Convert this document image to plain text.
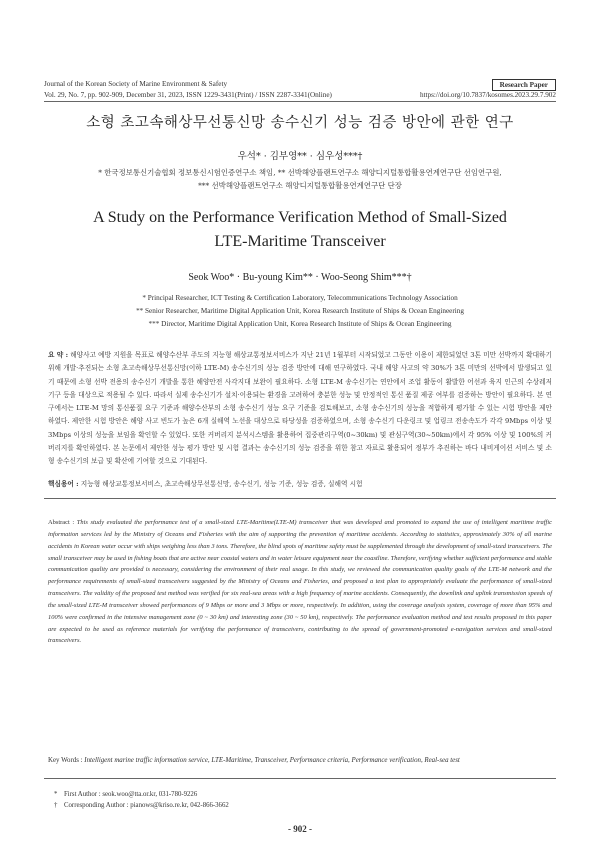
Journal of the Korean Society of Marine Environment & Safety	Research Paper
Vol. 29, No. 7, pp. 902-909, December 31, 2023, ISSN 1229-3431(Print) / ISSN 2287-3341(Online)	https://doi.org/10.7837/kosomes.2023.29.7.902
소형 초고속해상무선통신망 송수신기 성능 검증 방안에 관한 연구
우석* · 김부영** · 심우성***†
* 한국정보통신기술협회 정보통신시험인증연구소 책임, ** 선박해양플랜트연구소 해양디지털통합활용연계연구단 선임연구원,
*** 선박해양플랜트연구소 해양디지털통합활용연계연구단 단장
A Study on the Performance Verification Method of Small-Sized
LTE-Maritime Transceiver
Seok Woo* · Bu-young Kim** · Woo-Seong Shim***†
* Principal Researcher, ICT Testing & Certification Laboratory, Telecommunications Technology Association
** Senior Researcher, Maritime Digital Application Unit, Korea Research Institute of Ships & Ocean Engineering
*** Director, Maritime Digital Application Unit, Korea Research Institute of Ships & Ocean Engineering
요 약 : 해양사고 예방 지원을 목표로 해양수산부 주도의 지능형 해상교통정보서비스가 지난 21년 1월부터 시작되었고 그동안 이용이 제한되었던 3톤 미만 선박까지 확대하기 위해 개발·추진되는 소형 초고속해상무선통신망(이하 LTE-M) 송수신기의 성능 검증 방안에 대해 연구하였다. 국내 해양 사고의 약 30%가 3톤 미만의 선박에서 발생되고 있기 때문에 소형 선박 전용의 송수신기 개발을 통한 해양안전 사각지대 보완이 필요하다. 소형 LTE-M 송수신기는 연안에서 조업 활동이 활발한 어선과 육지 인근의 수상레저기구 등을 대상으로 적용될 수 있다. 따라서 실제 송수신기가 설치·이용되는 환경을 고려하여 충분한 성능 및 안정적인 통신 품질 제공 여부를 검증하는 방안이 필요하다. 본 연구에서는 LTE-M 망의 통신품질 요구 기준과 해양수산부의 소형 송수신기 성능 요구 기준을 검토해보고, 소형 송수신기의 성능을 적합하게 평가할 수 있는 시험 방안을 제안하였다. 제안한 시험 방안은 해양 사고 빈도가 높은 6개 실해역 노선을 대상으로 타당성을 검증하였으며, 소형 송수신기 다운링크 및 업링크 전송속도가 각각 9Mbps 이상 및 3Mbps 이상의 성능을 보임을 확인할 수 있었다. 또한 커버리지 분석시스템을 활용하여 집중관리구역(0~30km) 및 관심구역(30~50km)에서 각 95% 이상 및 100%의 커버리지를 확인하였다. 본 논문에서 제안한 성능 평가 방안 및 시험 결과는 송수신기의 성능 검증을 위한 참고 자료로 활용되어 정부가 추진하는 바다 내비게이션 서비스 및 소형 송수신기의 보급 및 확산에 기여할 것으로 기대된다.
핵심용어 : 지능형 해상교통정보서비스, 초고속해상무선통신망, 송수신기, 성능 기준, 성능 검증, 실해역 시험
Abstract : This study evaluated the performance test of a small-sized LTE-Maritime(LTE-M) transceiver that was developed and promoted to expand the use of intelligent maritime traffic information services led by the Ministry of Oceans and Fisheries with the aim of supporting the prevention of maritime accidents. According to statistics, approximately 30% of all marine accidents in Korean water occur with ships weighing less than 3 tons. Therefore, the blind spots of maritime safety must be supplemented through the development of small-sized transceivers. The small transceiver may be used in fishing boats that are active near coastal waters and in water leisure equipment near the coastline. Therefore, verifying whether sufficient performance and stable communication quality are provided is necessary, considering the environment of their real usage. In this study, we reviewed the communication quality goals of the LTE-M network and the performance requirements of small-sized transceivers suggested by the Ministry of Oceans and Fisheries, and proposed a test plan to appropriately evaluate the performance of small-sized transceivers. The validity of the proposed test method was verified for six real-sea areas with a high frequency of marine accidents. Consequently, the downlink and uplink transmission speeds of the small-sized LTE-M transceiver showed performances of 9 Mbps or more and 3 Mbps or more, respectively. In addition, using the coverage analysis system, coverage of more than 95% and 100% were confirmed in the intensive management zone (0 ~ 30 km) and interesting zone (30 ~ 50 km), respectively. The performance evaluation method and test results proposed in this paper are expected to be used as reference materials for verifying the performance of transceivers, contributing to the spread of government-promoted e-navigation services and small-sized transceivers.
Key Words : Intelligent marine traffic information service, LTE-Maritime, Transceiver, Performance criteria, Performance verification, Real-sea test
* First Author : seok.woo@tta.or.kr, 031-780-9226
† Corresponding Author : pianows@kriso.re.kr, 042-866-3662
- 902 -
